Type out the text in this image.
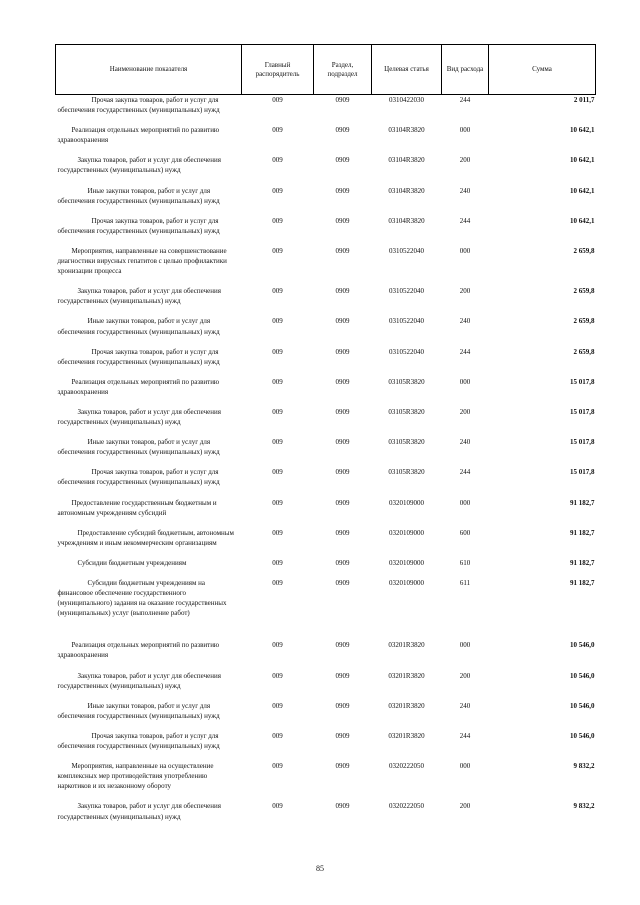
Наименование показателя	Главный распорядитель	Раздел, подраздел	Целевая статья	Вид расхода	Сумма
Прочая закупка товаров, работ и услуг для обеспечения государственных (муниципальных) нужд	009	0909	0310422030	244	2 011,7
Реализация отдельных мероприятий по развитию здравоохранения	009	0909	03104R3820	000	10 642,1
Закупка товаров, работ и услуг для обеспечения государственных (муниципальных) нужд	009	0909	03104R3820	200	10 642,1
Иные закупки товаров, работ и услуг для обеспечения государственных (муниципальных) нужд	009	0909	03104R3820	240	10 642,1
Прочая закупка товаров, работ и услуг для обеспечения государственных (муниципальных) нужд	009	0909	03104R3820	244	10 642,1
Мероприятия, направленные на совершенствование диагностики вирусных гепатитов с целью профилактики хронизации процесса	009	0909	0310522040	000	2 659,8
Закупка товаров, работ и услуг для обеспечения государственных (муниципальных) нужд	009	0909	0310522040	200	2 659,8
Иные закупки товаров, работ и услуг для обеспечения государственных (муниципальных) нужд	009	0909	0310522040	240	2 659,8
Прочая закупка товаров, работ и услуг для обеспечения государственных (муниципальных) нужд	009	0909	0310522040	244	2 659,8
Реализация отдельных мероприятий по развитию здравоохранения	009	0909	03105R3820	000	15 017,8
Закупка товаров, работ и услуг для обеспечения государственных (муниципальных) нужд	009	0909	03105R3820	200	15 017,8
Иные закупки товаров, работ и услуг для обеспечения государственных (муниципальных) нужд	009	0909	03105R3820	240	15 017,8
Прочая закупка товаров, работ и услуг для обеспечения государственных (муниципальных) нужд	009	0909	03105R3820	244	15 017,8
Предоставление государственным бюджетным и автономным учреждениям субсидий	009	0909	0320109000	000	91 182,7
Предоставление субсидий бюджетным, автономным учреждениям и иным некоммерческим организациям	009	0909	0320109000	600	91 182,7
Субсидии бюджетным учреждениям	009	0909	0320109000	610	91 182,7
Субсидии бюджетным учреждениям на финансовое обеспечение государственного (муниципального) задания на оказание государственных (муниципальных) услуг (выполнение работ)	009	0909	0320109000	611	91 182,7
Реализация отдельных мероприятий по развитию здравоохранения	009	0909	03201R3820	000	10 546,0
Закупка товаров, работ и услуг для обеспечения государственных (муниципальных) нужд	009	0909	03201R3820	200	10 546,0
Иные закупки товаров, работ и услуг для обеспечения государственных (муниципальных) нужд	009	0909	03201R3820	240	10 546,0
Прочая закупка товаров, работ и услуг для обеспечения государственных (муниципальных) нужд	009	0909	03201R3820	244	10 546,0
Мероприятия, направленные на осуществление комплексных мер противодействия употреблению наркотиков и их незаконному обороту	009	0909	0320222050	000	9 832,2
Закупка товаров, работ и услуг для обеспечения государственных (муниципальных) нужд	009	0909	0320222050	200	9 832,2
85
